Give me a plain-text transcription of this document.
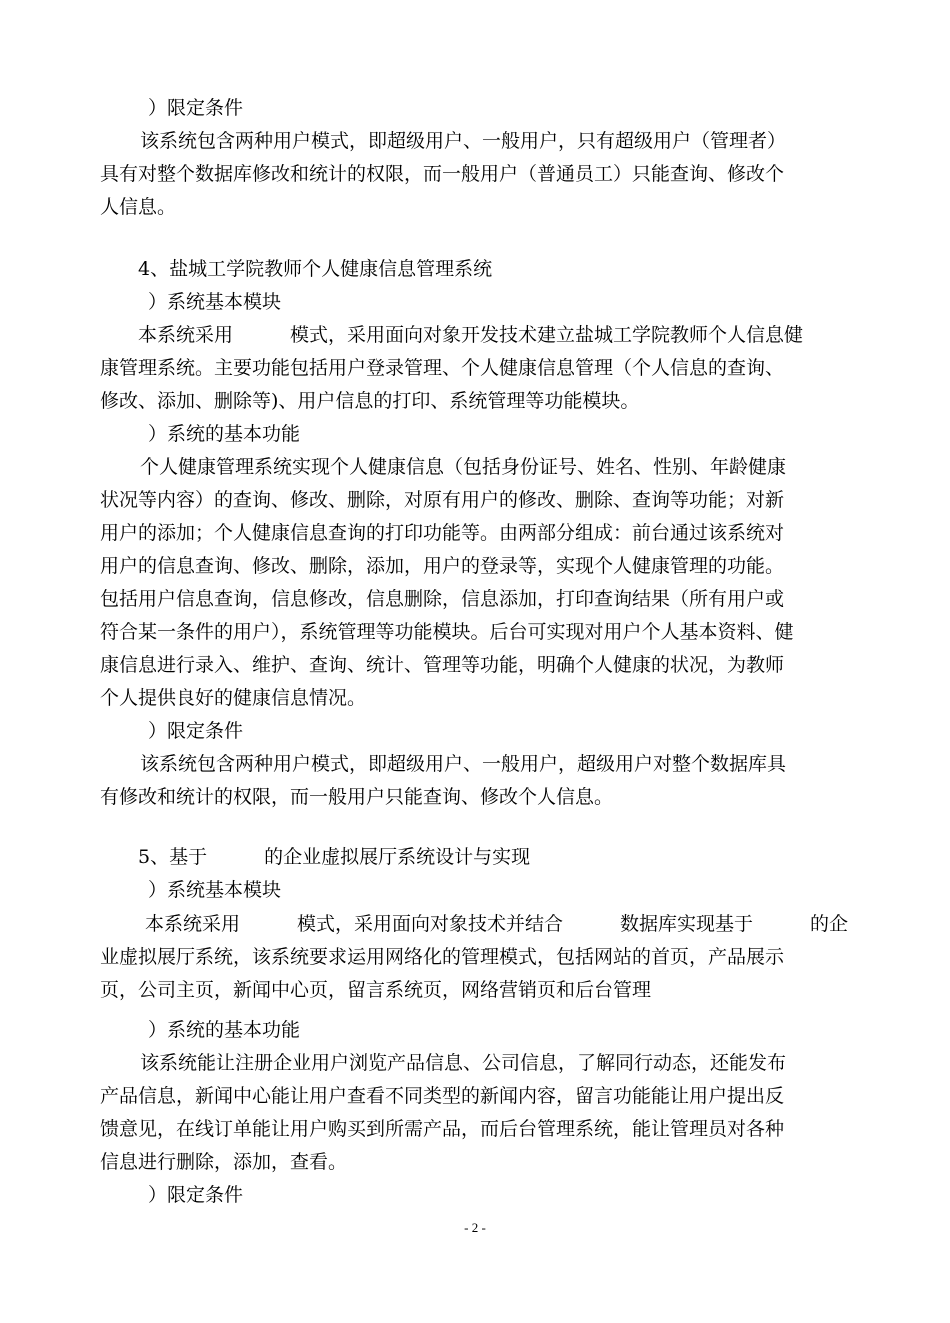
）限定条件
该系统包含两种用户模式，即超级用户、一般用户，只有超级用户（管理者）
具有对整个数据库修改和统计的权限，而一般用户（普通员工）只能查询、修改个
人信息。
4、盐城工学院教师个人健康信息管理系统
）系统基本模块
本系统采用　　　模式，采用面向对象开发技术建立盐城工学院教师个人信息健
康管理系统。主要功能包括用户登录管理、个人健康信息管理（个人信息的查询、
修改、添加、删除等)、用户信息的打印、系统管理等功能模块。
）系统的基本功能
个人健康管理系统实现个人健康信息（包括身份证号、姓名、性别、年龄健康
状况等内容）的查询、修改、删除，对原有用户的修改、删除、查询等功能；对新
用户的添加；个人健康信息查询的打印功能等。由两部分组成：前台通过该系统对
用户的信息查询、修改、删除，添加，用户的登录等，实现个人健康管理的功能。
包括用户信息查询，信息修改，信息删除，信息添加，打印查询结果（所有用户或
符合某一条件的用户），系统管理等功能模块。后台可实现对用户个人基本资料、健
康信息进行录入、维护、查询、统计、管理等功能，明确个人健康的状况，为教师
个人提供良好的健康信息情况。
）限定条件
该系统包含两种用户模式，即超级用户、一般用户，超级用户对整个数据库具
有修改和统计的权限，而一般用户只能查询、修改个人信息。
5、基于　　　的企业虚拟展厅系统设计与实现
）系统基本模块
本系统采用　　　模式，采用面向对象技术并结合　　　数据库实现基于　　　的企
业虚拟展厅系统，该系统要求运用网络化的管理模式，包括网站的首页，产品展示
页，公司主页，新闻中心页，留言系统页，网络营销页和后台管理
）系统的基本功能
该系统能让注册企业用户浏览产品信息、公司信息，了解同行动态，还能发布
产品信息，新闻中心能让用户查看不同类型的新闻内容，留言功能能让用户提出反
馈意见，在线订单能让用户购买到所需产品，而后台管理系统，能让管理员对各种
信息进行删除，添加，查看。
）限定条件
- 2 -
